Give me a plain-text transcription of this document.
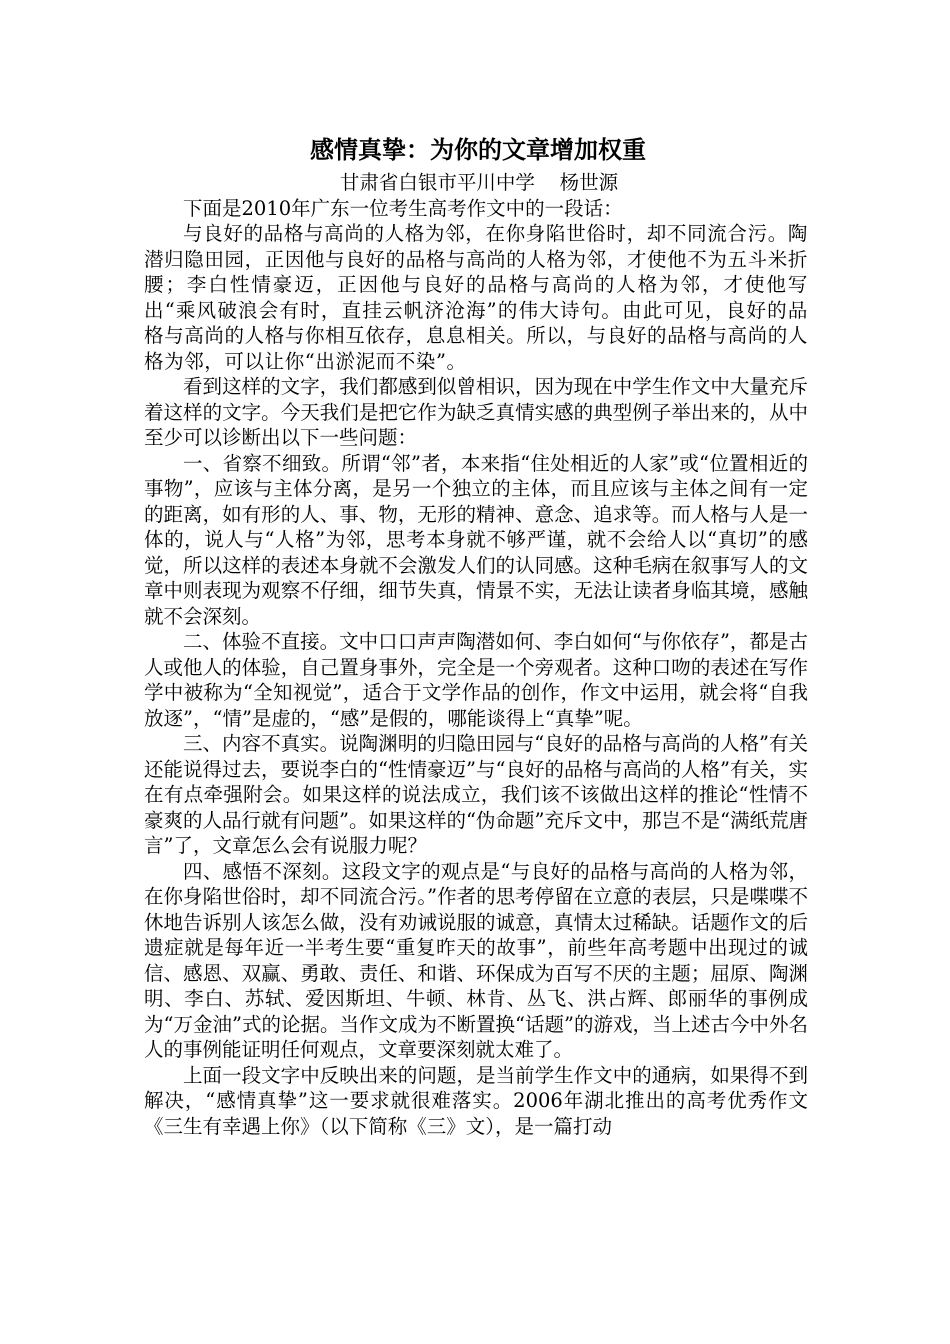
感情真挚：为你的文章增加权重

甘肃省白银市平川中学    杨世源

下面是2010年广东一位考生高考作文中的一段话：

与良好的品格与高尚的人格为邻，在你身陷世俗时，却不同流合污。陶潜归隐田园，正因他与良好的品格与高尚的人格为邻，才使他不为五斗米折腰；李白性情豪迈，正因他与良好的品格与高尚的人格为邻，才使他写出“乘风破浪会有时，直挂云帆济沧海”的伟大诗句。由此可见，良好的品格与高尚的人格与你相互依存，息息相关。所以，与良好的品格与高尚的人格为邻，可以让你“出淤泥而不染”。

看到这样的文字，我们都感到似曾相识，因为现在中学生作文中大量充斥着这样的文字。今天我们是把它作为缺乏真情实感的典型例子举出来的，从中至少可以诊断出以下一些问题：

一、省察不细致。所谓“邻”者，本来指“住处相近的人家”或“位置相近的事物”，应该与主体分离，是另一个独立的主体，而且应该与主体之间有一定的距离，如有形的人、事、物，无形的精神、意念、追求等。而人格与人是一体的，说人与“人格”为邻，思考本身就不够严谨，就不会给人以“真切”的感觉，所以这样的表述本身就不会激发人们的认同感。这种毛病在叙事写人的文章中则表现为观察不仔细，细节失真，情景不实，无法让读者身临其境，感触就不会深刻。

二、体验不直接。文中口口声声陶潜如何、李白如何“与你依存”，都是古人或他人的体验，自己置身事外，完全是一个旁观者。这种口吻的表述在写作学中被称为“全知视觉”，适合于文学作品的创作，作文中运用，就会将“自我放逐”，“情”是虚的，“感”是假的，哪能谈得上“真挚”呢。

三、内容不真实。说陶渊明的归隐田园与“良好的品格与高尚的人格”有关还能说得过去，要说李白的“性情豪迈”与“良好的品格与高尚的人格”有关，实在有点牵强附会。如果这样的说法成立，我们该不该做出这样的推论“性情不豪爽的人品行就有问题”。如果这样的“伪命题”充斥文中，那岂不是“满纸荒唐言”了，文章怎么会有说服力呢？

四、感悟不深刻。这段文字的观点是“与良好的品格与高尚的人格为邻，在你身陷世俗时，却不同流合污。”作者的思考停留在立意的表层，只是喋喋不休地告诉别人该怎么做，没有劝诫说服的诚意，真情太过稀缺。话题作文的后遗症就是每年近一半考生要“重复昨天的故事”，前些年高考题中出现过的诚信、感恩、双赢、勇敢、责任、和谐、环保成为百写不厌的主题；屈原、陶渊明、李白、苏轼、爱因斯坦、牛顿、林肯、丛飞、洪占辉、郎丽华的事例成为“万金油”式的论据。当作文成为不断置换“话题”的游戏，当上述古今中外名人的事例能证明任何观点，文章要深刻就太难了。

上面一段文字中反映出来的问题，是当前学生作文中的通病，如果得不到解决，“感情真挚”这一要求就很难落实。2006年湖北推出的高考优秀作文《三生有幸遇上你》（以下简称《三》文），是一篇打动
